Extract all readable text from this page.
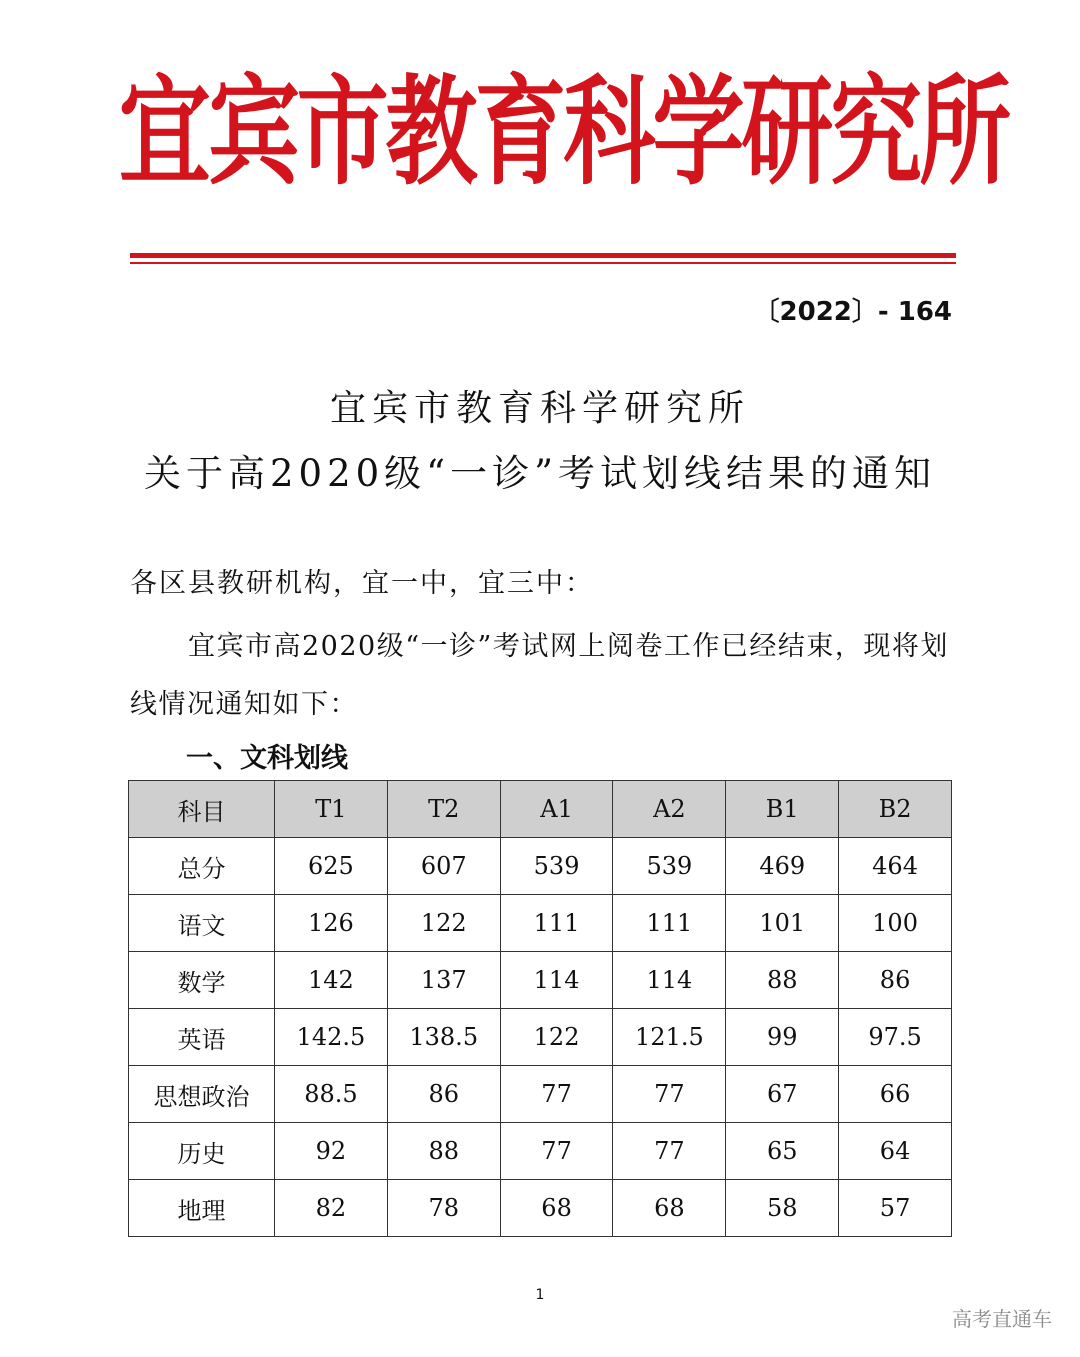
宜宾市教育科学研究所
〔2022〕- 164
宜宾市教育科学研究所
关于高2020级“一诊”考试划线结果的通知
各区县教研机构，宜一中，宜三中：

宜宾市高2020级“一诊”考试网上阅卷工作已经结束，现将划线情况通知如下：

一、文科划线
科目	T1	T2	A1	A2	B1	B2
总分	625	607	539	539	469	464
语文	126	122	111	111	101	100
数学	142	137	114	114	88	86
英语	142.5	138.5	122	121.5	99	97.5
思想政治	88.5	86	77	77	67	66
历史	92	88	77	77	65	64
地理	82	78	68	68	58	57
1
高考直通车
